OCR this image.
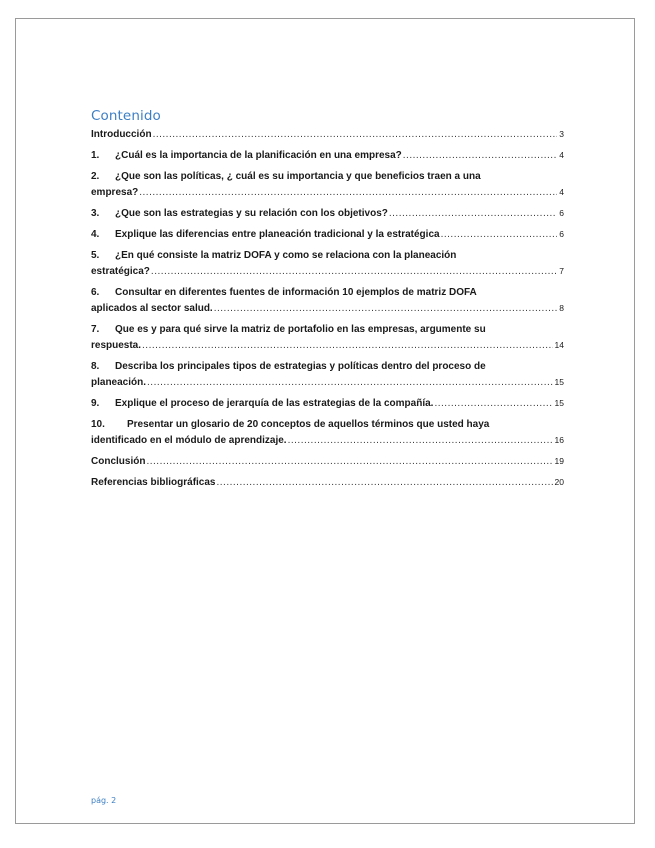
Contenido
Introducción .....	3
1. ¿Cuál es la importancia de la planificación en una empresa? .....	4
2. ¿Que son las políticas, ¿ cuál es su importancia y que beneficios traen a una
empresa? .....	4
3. ¿Que son las estrategias y su relación con los objetivos? .....	6
4. Explique las diferencias entre planeación tradicional y la estratégica .....	6
5. ¿En qué consiste la matriz DOFA y como se relaciona con la planeación
estratégica? .....	7
6. Consultar en diferentes fuentes de información 10 ejemplos de matriz DOFA
aplicados al sector salud. .....	8
7. Que es y para qué sirve la matriz de portafolio en las empresas, argumente su
respuesta. .....	14
8. Describa los principales tipos de estrategias y políticas dentro del proceso de
planeación. .....	15
9. Explique el proceso de jerarquía de las estrategias de la compañía. .....	15
10. Presentar un glosario de 20 conceptos de aquellos términos que usted haya
identificado en el módulo de aprendizaje. .....	16
Conclusión .....	19
Referencias bibliográficas .....	20
pág. 2
